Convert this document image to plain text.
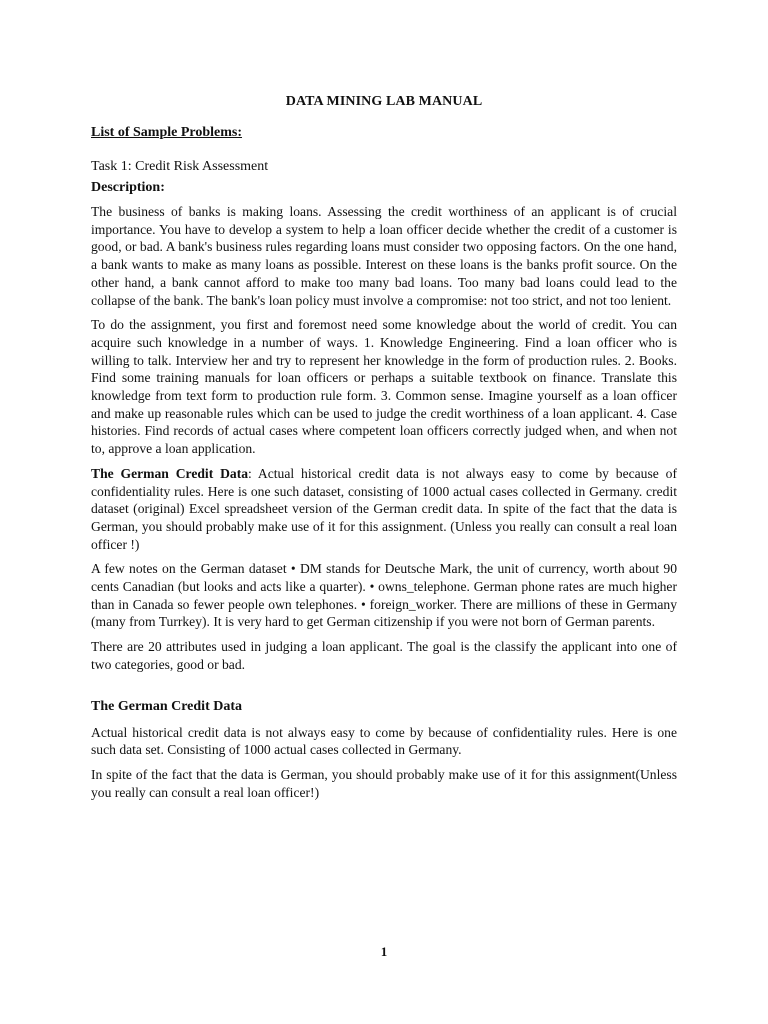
DATA MINING LAB MANUAL
List of Sample Problems:
Task 1: Credit Risk Assessment
Description:

The business of banks is making loans. Assessing the credit worthiness of an applicant is of crucial importance. You have to develop a system to help a loan officer decide whether the credit of a customer is good, or bad. A bank's business rules regarding loans must consider two opposing factors. On the one hand, a bank wants to make as many loans as possible. Interest on these loans is the banks profit source. On the other hand, a bank cannot afford to make too many bad loans. Too many bad loans could lead to the collapse of the bank. The bank's loan policy must involve a compromise: not too strict, and not too lenient.

To do the assignment, you first and foremost need some knowledge about the world of credit. You can acquire such knowledge in a number of ways. 1. Knowledge Engineering. Find a loan officer who is willing to talk. Interview her and try to represent her knowledge in the form of production rules. 2. Books. Find some training manuals for loan officers or perhaps a suitable textbook on finance. Translate this knowledge from text form to production rule form. 3. Common sense. Imagine yourself as a loan officer and make up reasonable rules which can be used to judge the credit worthiness of a loan applicant. 4. Case histories. Find records of actual cases where competent loan officers correctly judged when, and when not to, approve a loan application.

The German Credit Data: Actual historical credit data is not always easy to come by because of confidentiality rules. Here is one such dataset, consisting of 1000 actual cases collected in Germany. credit dataset (original) Excel spreadsheet version of the German credit data. In spite of the fact that the data is German, you should probably make use of it for this assignment. (Unless you really can consult a real loan officer !)

A few notes on the German dataset • DM stands for Deutsche Mark, the unit of currency, worth about 90 cents Canadian (but looks and acts like a quarter). • owns_telephone. German phone rates are much higher than in Canada so fewer people own telephones. • foreign_worker. There are millions of these in Germany (many from Turrkey). It is very hard to get German citizenship if you were not born of German parents.

There are 20 attributes used in judging a loan applicant. The goal is the classify the applicant into one of two categories, good or bad.

The German Credit Data

Actual historical credit data is not always easy to come by because of confidentiality rules. Here is one such data set. Consisting of 1000 actual cases collected in Germany.

In spite of the fact that the data is German, you should probably make use of it for this assignment(Unless you really can consult a real loan officer!)

1
